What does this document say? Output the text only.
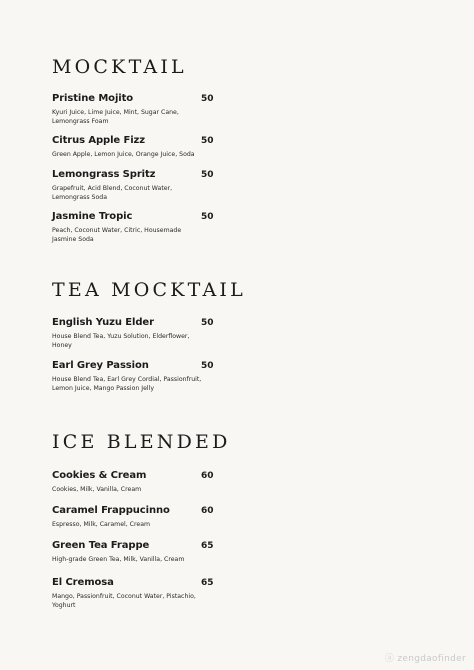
MOCKTAIL
Pristine Mojito
Kyuri Juice, Lime Juice, Mint, Sugar Cane, Lemongrass Foam
50
Citrus Apple Fizz
Green Apple, Lemon Juice, Orange Juice, Soda
50
Lemongrass Spritz
Grapefruit, Acid Blend, Coconut Water, Lemongrass Soda
50
Jasmine Tropic
Peach, Coconut Water, Citric, Housemade Jasmine Soda
50
TEA MOCKTAIL
English Yuzu Elder
House Blend Tea, Yuzu Solution, Elderflower, Honey
50
Earl Grey Passion
House Blend Tea, Earl Grey Cordial, Passionfruit, Lemon Juice, Mango Passion Jelly
50
ICE BLENDED
Cookies & Cream
Cookies, Milk, Vanilla, Cream
60
Caramel Frappucinno
Espresso, Milk, Caramel, Cream
60
Green Tea Frappe
High-grade Green Tea, Milk, Vanilla, Cream
65
El Cremosa
Mango, Passionfruit, Coconut Water, Pistachio, Yoghurt
65
ⓐ zengdaofinder
